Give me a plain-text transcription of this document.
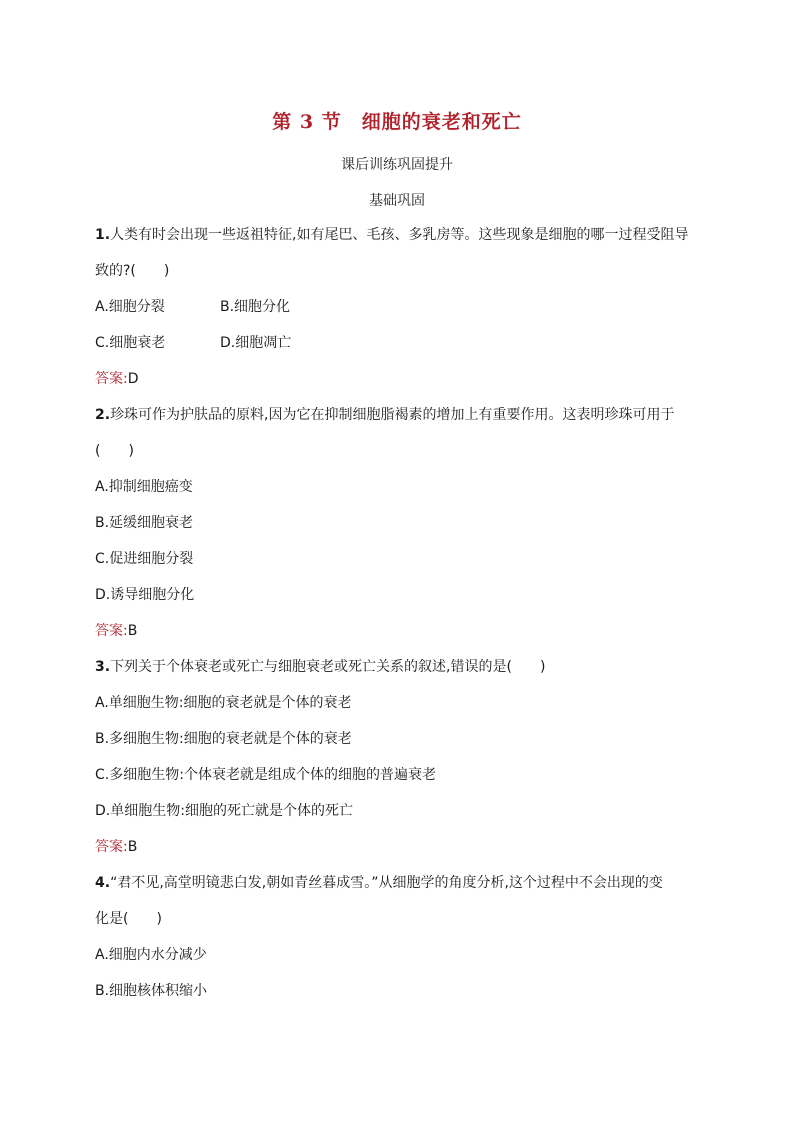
第 3 节　细胞的衰老和死亡
课后训练巩固提升
基础巩固
1.人类有时会出现一些返祖特征,如有尾巴、毛孩、多乳房等。这些现象是细胞的哪一过程受阻导
致的?(　　)
A.细胞分裂	B.细胞分化
C.细胞衰老	D.细胞凋亡
答案:D
2.珍珠可作为护肤品的原料,因为它在抑制细胞脂褐素的增加上有重要作用。这表明珍珠可用于
(　　)
A.抑制细胞癌变
B.延缓细胞衰老
C.促进细胞分裂
D.诱导细胞分化
答案:B
3.下列关于个体衰老或死亡与细胞衰老或死亡关系的叙述,错误的是(　　)
A.单细胞生物:细胞的衰老就是个体的衰老
B.多细胞生物:细胞的衰老就是个体的衰老
C.多细胞生物:个体衰老就是组成个体的细胞的普遍衰老
D.单细胞生物:细胞的死亡就是个体的死亡
答案:B
4.“君不见,高堂明镜悲白发,朝如青丝暮成雪。”从细胞学的角度分析,这个过程中不会出现的变
化是(　　)
A.细胞内水分减少
B.细胞核体积缩小
